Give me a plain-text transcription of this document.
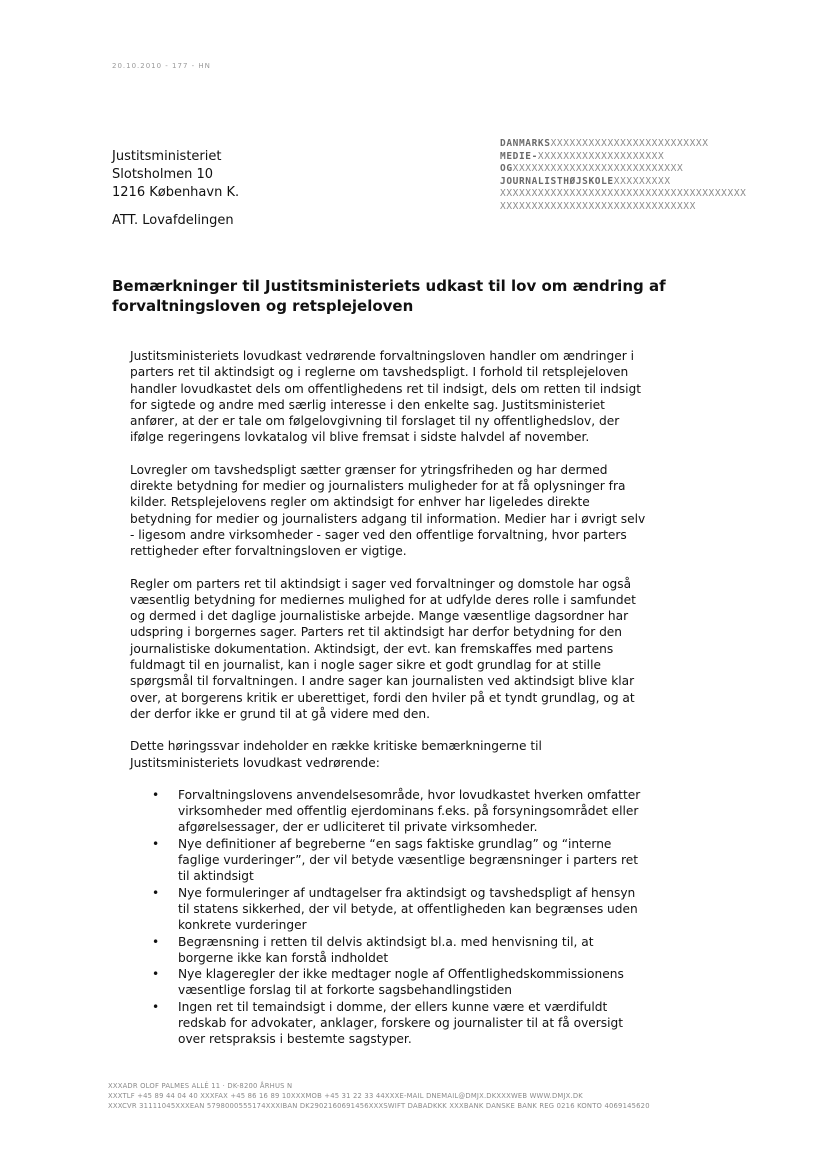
20.10.2010 - 177 - HN
Justitsministeriet
Slotsholmen 10
1216 København K.
ATT. Lovafdelingen
DANMARKSXXXXXXXXXXXXXXXXXXXXXXXXX
MEDIE-XXXXXXXXXXXXXXXXXXXX
OGXXXXXXXXXXXXXXXXXXXXXXXXXXX
JOURNALISTHØJSKOLEXXXXXXXXX
XXXXXXXXXXXXXXXXXXXXXXXXXXXXXXXXXXXXXXX
XXXXXXXXXXXXXXXXXXXXXXXXXXXXXXX
Bemærkninger til Justitsministeriets udkast til lov om ændring af forvaltningsloven og retsplejeloven

Justitsministeriets lovudkast vedrørende forvaltningsloven handler om ændringer i parters ret til aktindsigt og i reglerne om tavshedspligt. I forhold til retsplejeloven handler lovudkastet dels om offentlighedens ret til indsigt, dels om retten til indsigt for sigtede og andre med særlig interesse i den enkelte sag. Justitsministeriet anfører, at der er tale om følgelovgivning til forslaget til ny offentlighedslov, der ifølge regeringens lovkatalog vil blive fremsat i sidste halvdel af november.

Lovregler om tavshedspligt sætter grænser for ytringsfriheden og har dermed direkte betydning for medier og journalisters muligheder for at få oplysninger fra kilder. Retsplejelovens regler om aktindsigt for enhver har ligeledes direkte betydning for medier og journalisters adgang til information. Medier har i øvrigt selv - ligesom andre virksomheder - sager ved den offentlige forvaltning, hvor parters rettigheder efter forvaltningsloven er vigtige.

Regler om parters ret til aktindsigt i sager ved forvaltninger og domstole har også væsentlig betydning for mediernes mulighed for at udfylde deres rolle i samfundet og dermed i det daglige journalistiske arbejde. Mange væsentlige dagsordner har udspring i borgernes sager. Parters ret til aktindsigt har derfor betydning for den journalistiske dokumentation. Aktindsigt, der evt. kan fremskaffes med partens fuldmagt til en journalist, kan i nogle sager sikre et godt grundlag for at stille spørgsmål til forvaltningen. I andre sager kan journalisten ved aktindsigt blive klar over, at borgerens kritik er uberettiget, fordi den hviler på et tyndt grundlag, og at der derfor ikke er grund til at gå videre med den.

Dette høringssvar indeholder en række kritiske bemærkningerne til Justitsministeriets lovudkast vedrørende:

• Forvaltningslovens anvendelsesområde, hvor lovudkastet hverken omfatter virksomheder med offentlig ejerdominans f.eks. på forsyningsområdet eller afgørelsessager, der er udliciteret til private virksomheder.
• Nye definitioner af begreberne “en sags faktiske grundlag” og “interne faglige vurderinger”, der vil betyde væsentlige begrænsninger i parters ret til aktindsigt
• Nye formuleringer af undtagelser fra aktindsigt og tavshedspligt af hensyn til statens sikkerhed, der vil betyde, at offentligheden kan begrænses uden konkrete vurderinger
• Begrænsning i retten til delvis aktindsigt bl.a. med henvisning til, at borgerne ikke kan forstå indholdet
• Nye klageregler der ikke medtager nogle af Offentlighedskommissionens væsentlige forslag til at forkorte sagsbehandlingstiden
• Ingen ret til temaindsigt i domme, der ellers kunne være et værdifuldt redskab for advokater, anklager, forskere og journalister til at få oversigt over retspraksis i bestemte sagstyper.
XXXADR OLOF PALMES ALLÉ 11 · DK-8200 ÅRHUS N
XXXTLF +45 89 44 04 40 XXXFAX +45 86 16 89 10XXXMOB +45 31 22 33 44XXXE-MAIL DNEMAIL@DMJX.DKXXXWEB WWW.DMJX.DK
XXXCVR 31111045XXXEAN 5798000555174XXXIBAN DK2902160691456XXXSWIFT DABADKKK XXXBANK DANSKE BANK REG 0216 KONTO 4069145620
